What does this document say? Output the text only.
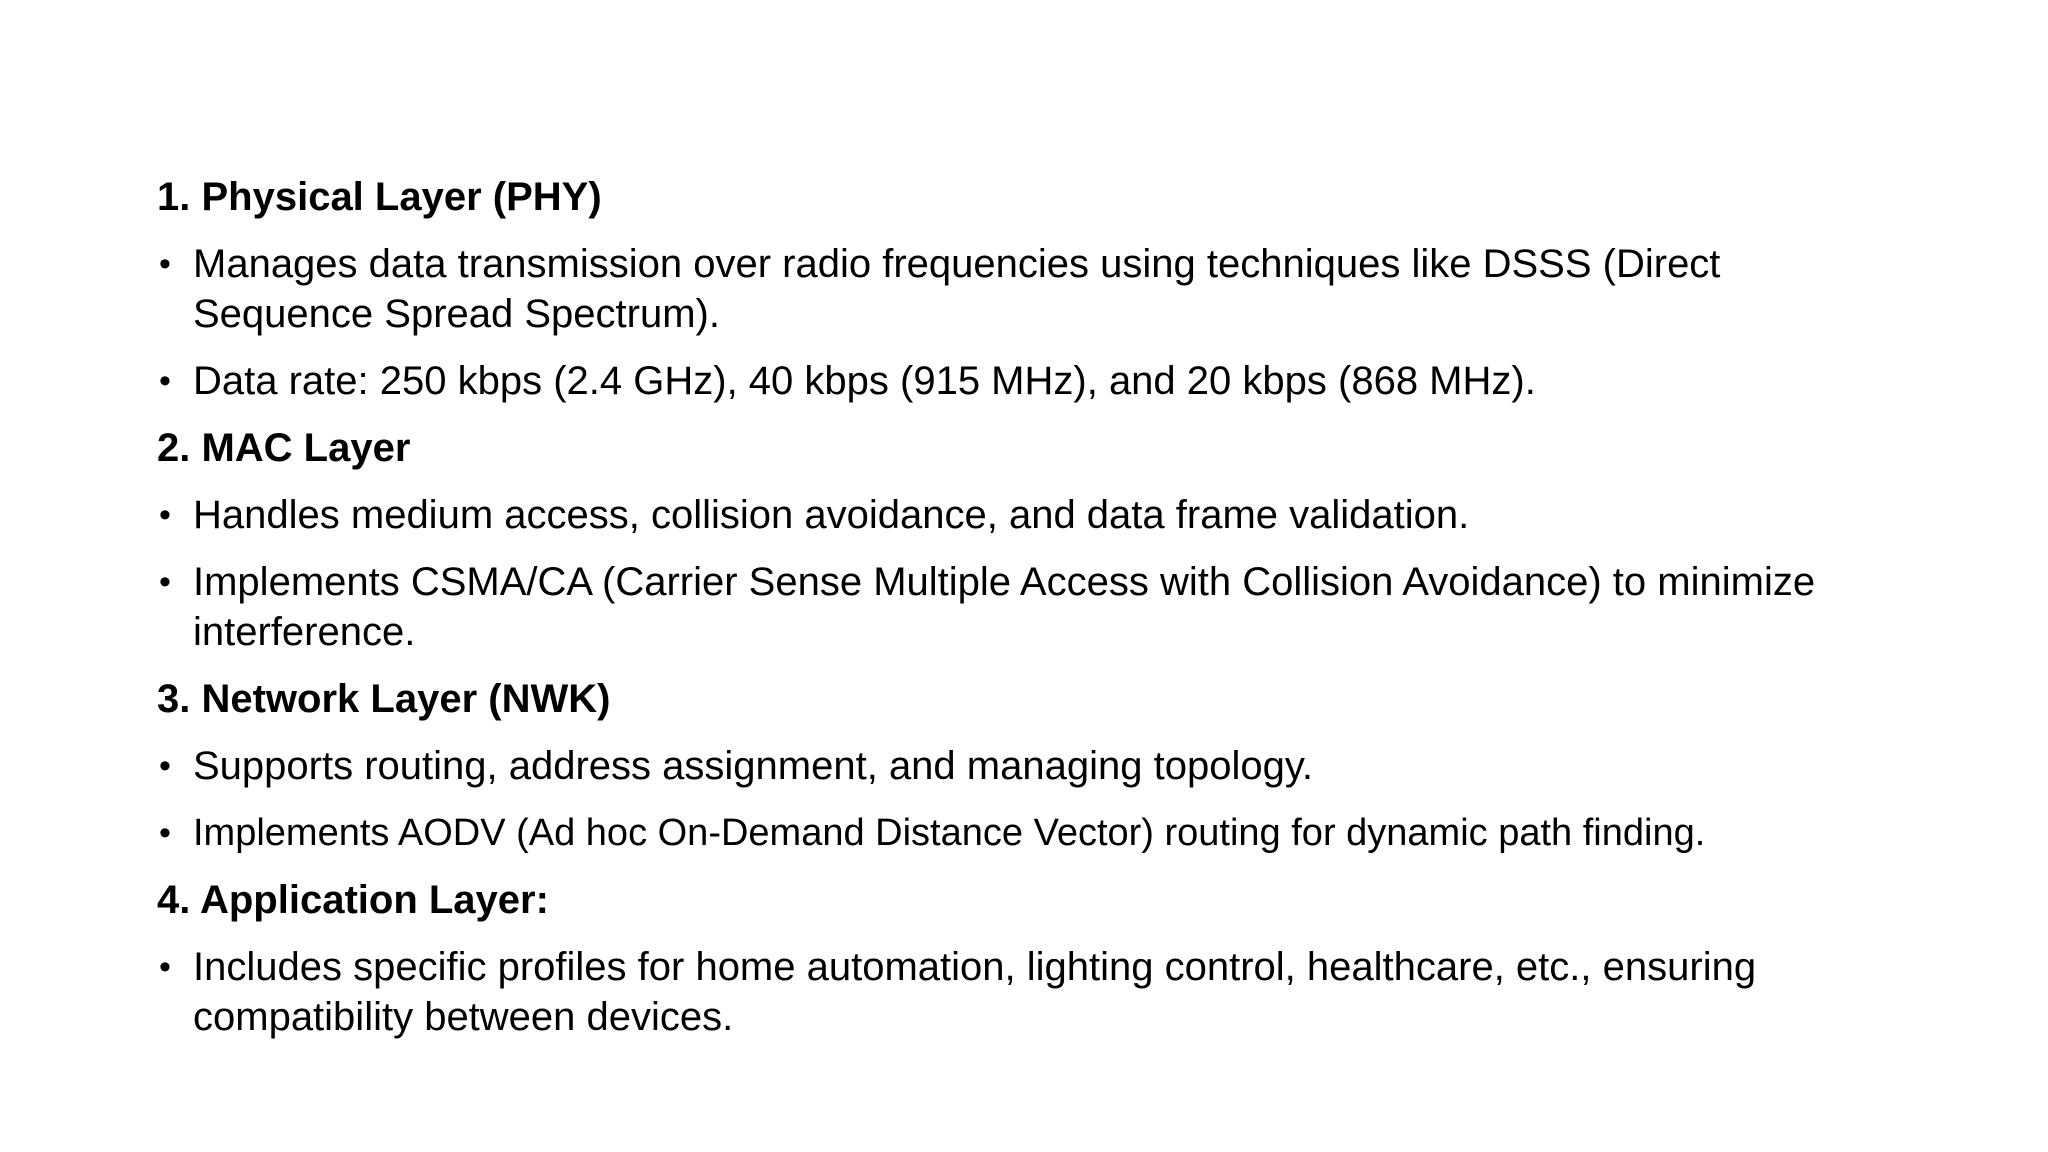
1. Physical Layer (PHY)
• Manages data transmission over radio frequencies using techniques like DSSS (Direct Sequence Spread Spectrum).
• Data rate: 250 kbps (2.4 GHz), 40 kbps (915 MHz), and 20 kbps (868 MHz).
2. MAC Layer
• Handles medium access, collision avoidance, and data frame validation.
• Implements CSMA/CA (Carrier Sense Multiple Access with Collision Avoidance) to minimize interference.
3. Network Layer (NWK)
• Supports routing, address assignment, and managing topology.
• Implements AODV (Ad hoc On-Demand Distance Vector) routing for dynamic path finding.
4. Application Layer:
• Includes specific profiles for home automation, lighting control, healthcare, etc., ensuring compatibility between devices.
